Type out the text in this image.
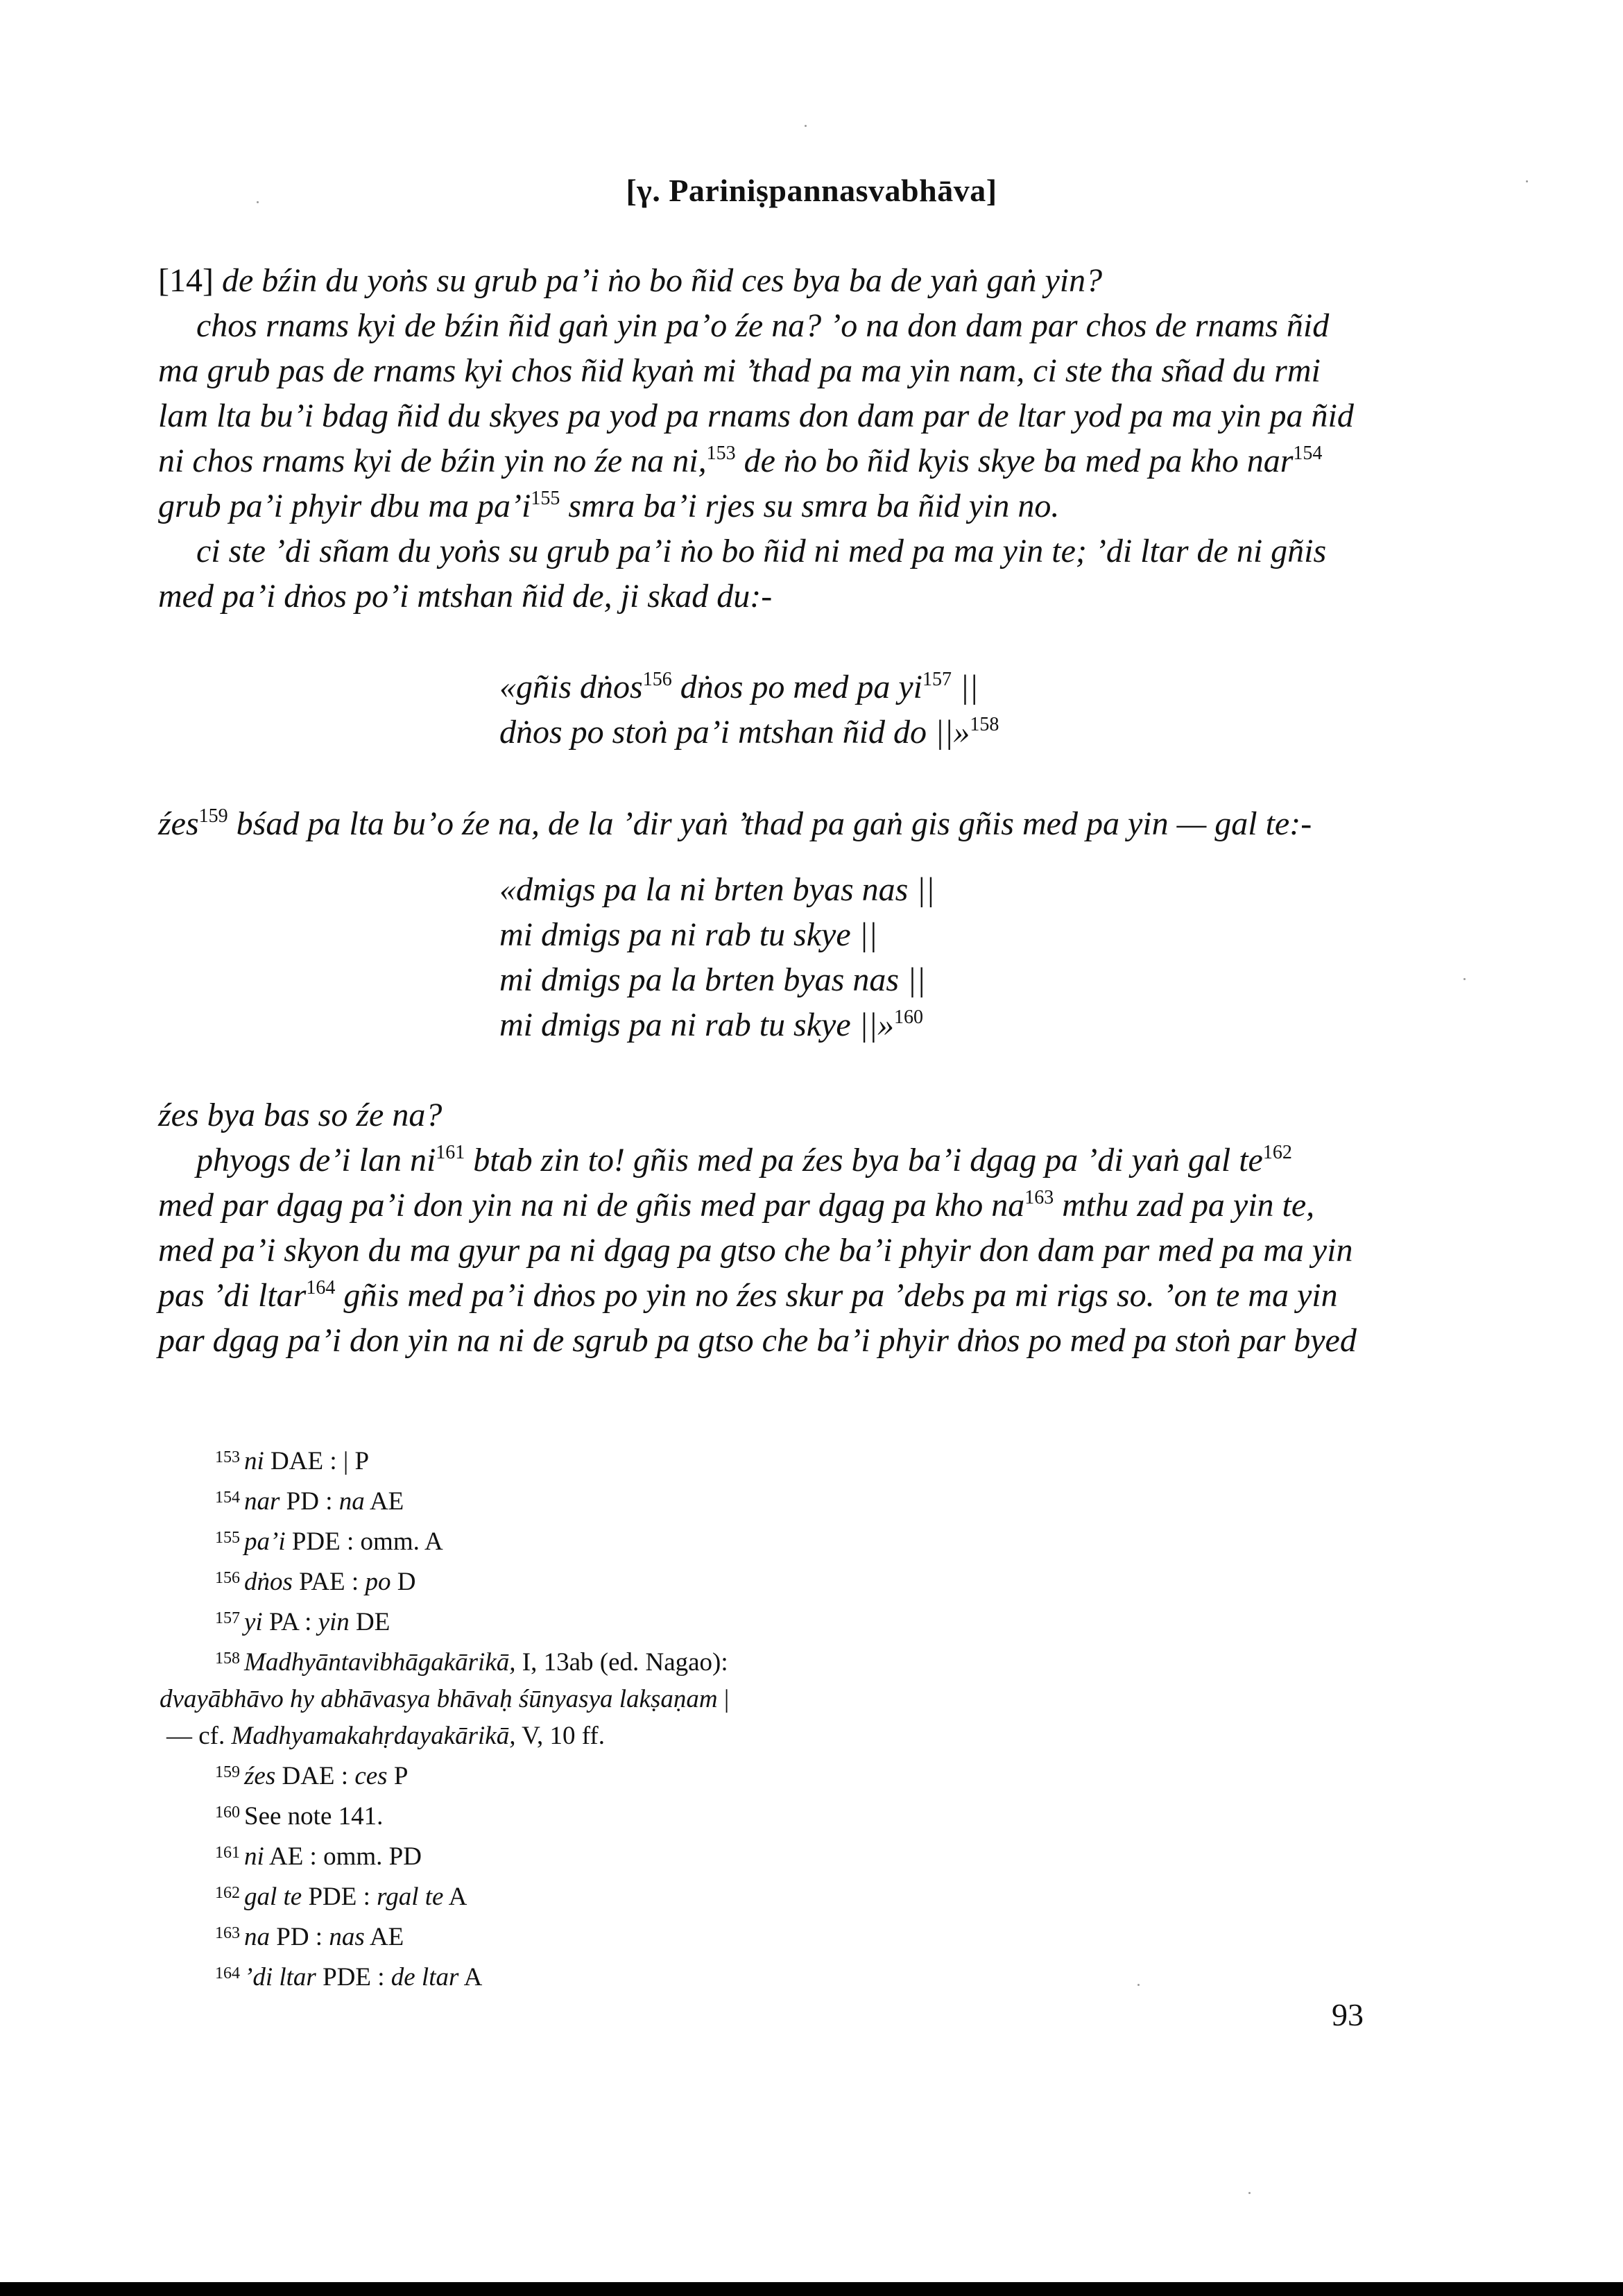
[γ. Pariniṣpannasvabhāva]
[14] de bźin du yoṅs su grub pa’i ṅo bo ñid ces bya ba de yaṅ gaṅ yin?
chos rnams kyi de bźin ñid gaṅ yin pa’o źe na? ’o na don dam par chos de rnams ñid
ma grub pas de rnams kyi chos ñid kyaṅ mi ’thad pa ma yin nam, ci ste tha sñad du rmi
lam lta bu’i bdag ñid du skyes pa yod pa rnams don dam par de ltar yod pa ma yin pa ñid
ni chos rnams kyi de bźin yin no źe na ni,$^{153}$ de ṅo bo ñid kyis skye ba med pa kho nar$^{154}$
grub pa’i phyir dbu ma $pa’i^{155}$ smra ba’i rjes su smra ba ñid yin no.
ci ste ’di sñam du yoṅs su grub pa’i ṅo bo ñid ni med pa ma yin te; ’di ltar de ni gñis
med pa’i dṅos po’i mtshan ñid de, ji skad du:-
«gñis dṅos$^{156}$ dṅos po med pa $yi^{157}$ ||
dṅos po stoṅ pa’i mtshan ñid do ||»$^{158}$
źes$^{159}$ bśad pa lta bu’o źe na, de la ’dir yaṅ ’thad pa gaṅ gis gñis med pa yin — gal te:-
«dmigs pa la ni brten byas nas ||
mi dmigs pa ni rab tu skye ||
mi dmigs pa la brten byas nas ||
mi dmigs pa ni rab tu skye ||»$^{160}$
źes bya bas so źe na?
phyogs de’i lan $ni^{161}$ btab zin to! gñis med pa źes bya ba’i dgag pa ’di yaṅ gal $te^{162}$
med par dgag pa’i don yin na ni de gñis med par dgag pa kho $na^{163}$ mthu zad pa yin te,
med pa’i skyon du ma gyur pa ni dgag pa gtso che ba’i phyir don dam par med pa ma yin
pas ’di ltar$^{164}$ gñis med pa’i dṅos po yin no źes skur pa ’debs pa mi rigs so. ’on te ma yin
par dgag pa’i don yin na ni de sgrub pa gtso che ba’i phyir dṅos po med pa stoṅ par byed
$^{153}$ ni DAE : | P
$^{154}$ nar PD : na AE
$^{155}$ pa’i PDE : omm. A
$^{156}$ dṅos PAE : po D
$^{157}$ yi PA : yin DE
$^{158}$ Madhyāntavibhāgakārikā, I, 13ab (ed. Nagao):
dvayābhāvo hy abhāvasya bhāvaḥ śūnyasya lakṣaṇam |
— cf. Madhyamakahṛdayakārikā, V, 10 ff.
$^{159}$ źes DAE : ces P
$^{160}$ See note 141.
$^{161}$ ni AE : omm. PD
$^{162}$ gal te PDE : rgal te A
$^{163}$ na PD : nas AE
$^{164}$ ’di ltar PDE : de ltar A
93
